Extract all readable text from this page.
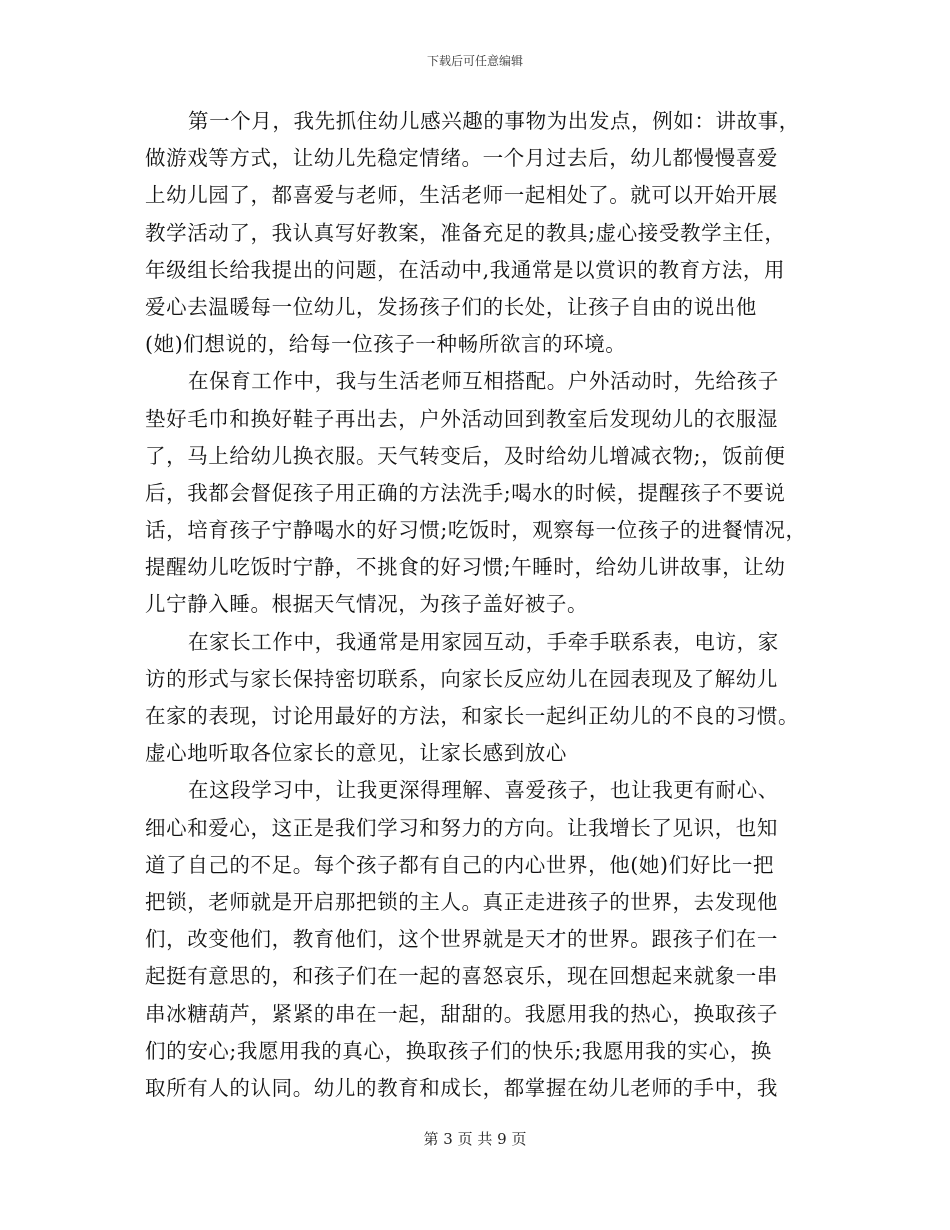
下载后可任意编辑
第一个月，我先抓住幼儿感兴趣的事物为出发点，例如：讲故事，
做游戏等方式，让幼儿先稳定情绪。一个月过去后，幼儿都慢慢喜爱
上幼儿园了，都喜爱与老师，生活老师一起相处了。就可以开始开展
教学活动了，我认真写好教案，准备充足的教具;虚心接受教学主任，
年级组长给我提出的问题，在活动中,我通常是以赏识的教育方法，用
爱心去温暖每一位幼儿，发扬孩子们的长处，让孩子自由的说出他
(她)们想说的，给每一位孩子一种畅所欲言的环境。
在保育工作中，我与生活老师互相搭配。户外活动时，先给孩子
垫好毛巾和换好鞋子再出去，户外活动回到教室后发现幼儿的衣服湿
了，马上给幼儿换衣服。天气转变后，及时给幼儿增减衣物;，饭前便
后，我都会督促孩子用正确的方法洗手;喝水的时候，提醒孩子不要说
话，培育孩子宁静喝水的好习惯;吃饭时，观察每一位孩子的进餐情况，
提醒幼儿吃饭时宁静，不挑食的好习惯;午睡时，给幼儿讲故事，让幼
儿宁静入睡。根据天气情况，为孩子盖好被子。
在家长工作中，我通常是用家园互动，手牵手联系表，电访，家
访的形式与家长保持密切联系，向家长反应幼儿在园表现及了解幼儿
在家的表现，讨论用最好的方法，和家长一起纠正幼儿的不良的习惯。
虚心地听取各位家长的意见，让家长感到放心
在这段学习中，让我更深得理解、喜爱孩子，也让我更有耐心、
细心和爱心，这正是我们学习和努力的方向。让我增长了见识，也知
道了自己的不足。每个孩子都有自己的内心世界，他(她)们好比一把
把锁，老师就是开启那把锁的主人。真正走进孩子的世界，去发现他
们，改变他们，教育他们，这个世界就是天才的世界。跟孩子们在一
起挺有意思的，和孩子们在一起的喜怒哀乐，现在回想起来就象一串
串冰糖葫芦，紧紧的串在一起，甜甜的。我愿用我的热心，换取孩子
们的安心;我愿用我的真心，换取孩子们的快乐;我愿用我的实心，换
取所有人的认同。幼儿的教育和成长，都掌握在幼儿老师的手中，我
第 3 页 共 9 页
